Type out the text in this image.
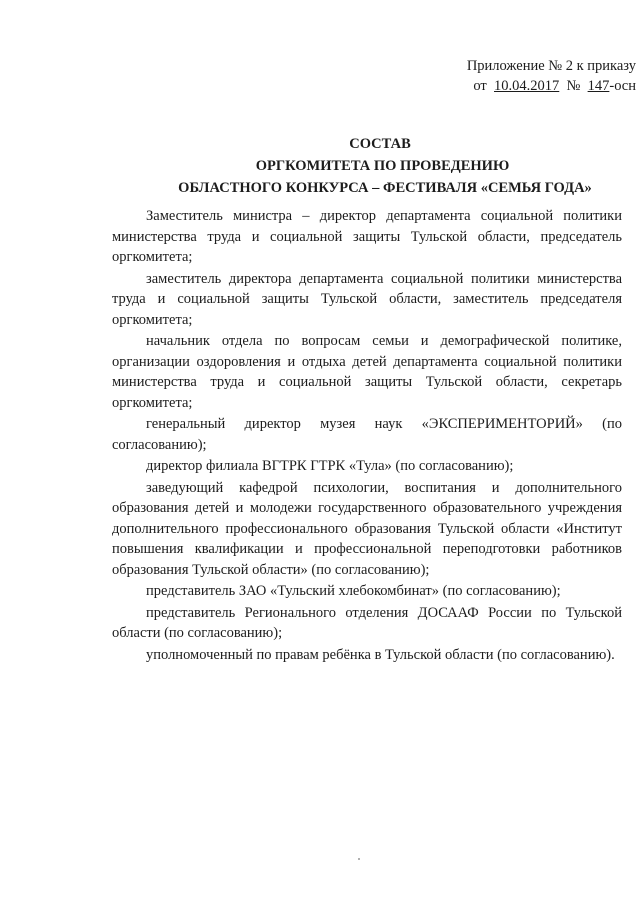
Приложение № 2 к приказу
от 10.04.2017 № 147-осн
СОСТАВ
ОРГКОМИТЕТА ПО ПРОВЕДЕНИЮ
ОБЛАСТНОГО КОНКУРСА – ФЕСТИВАЛЯ «СЕМЬЯ ГОДА»

Заместитель министра – директор департамента социальной политики министерства труда и социальной защиты Тульской области, председатель оргкомитета;

заместитель директора департамента социальной политики министерства труда и социальной защиты Тульской области, заместитель председателя оргкомитета;

начальник отдела по вопросам семьи и демографической политике, организации оздоровления и отдыха детей департамента социальной политики министерства труда и социальной защиты Тульской области, секретарь оргкомитета;

генеральный директор музея наук «ЭКСПЕРИМЕНТОРИЙ» (по согласованию);

директор филиала ВГТРК ГТРК «Тула» (по согласованию);

заведующий кафедрой психологии, воспитания и дополнительного образования детей и молодежи государственного образовательного учреждения дополнительного профессионального образования Тульской области «Институт повышения квалификации и профессиональной переподготовки работников образования Тульской области» (по согласованию);

представитель ЗАО «Тульский хлебокомбинат» (по согласованию);

представитель Регионального отделения ДОСААФ России по Тульской области (по согласованию);

уполномоченный по правам ребёнка в Тульской области (по согласованию).
